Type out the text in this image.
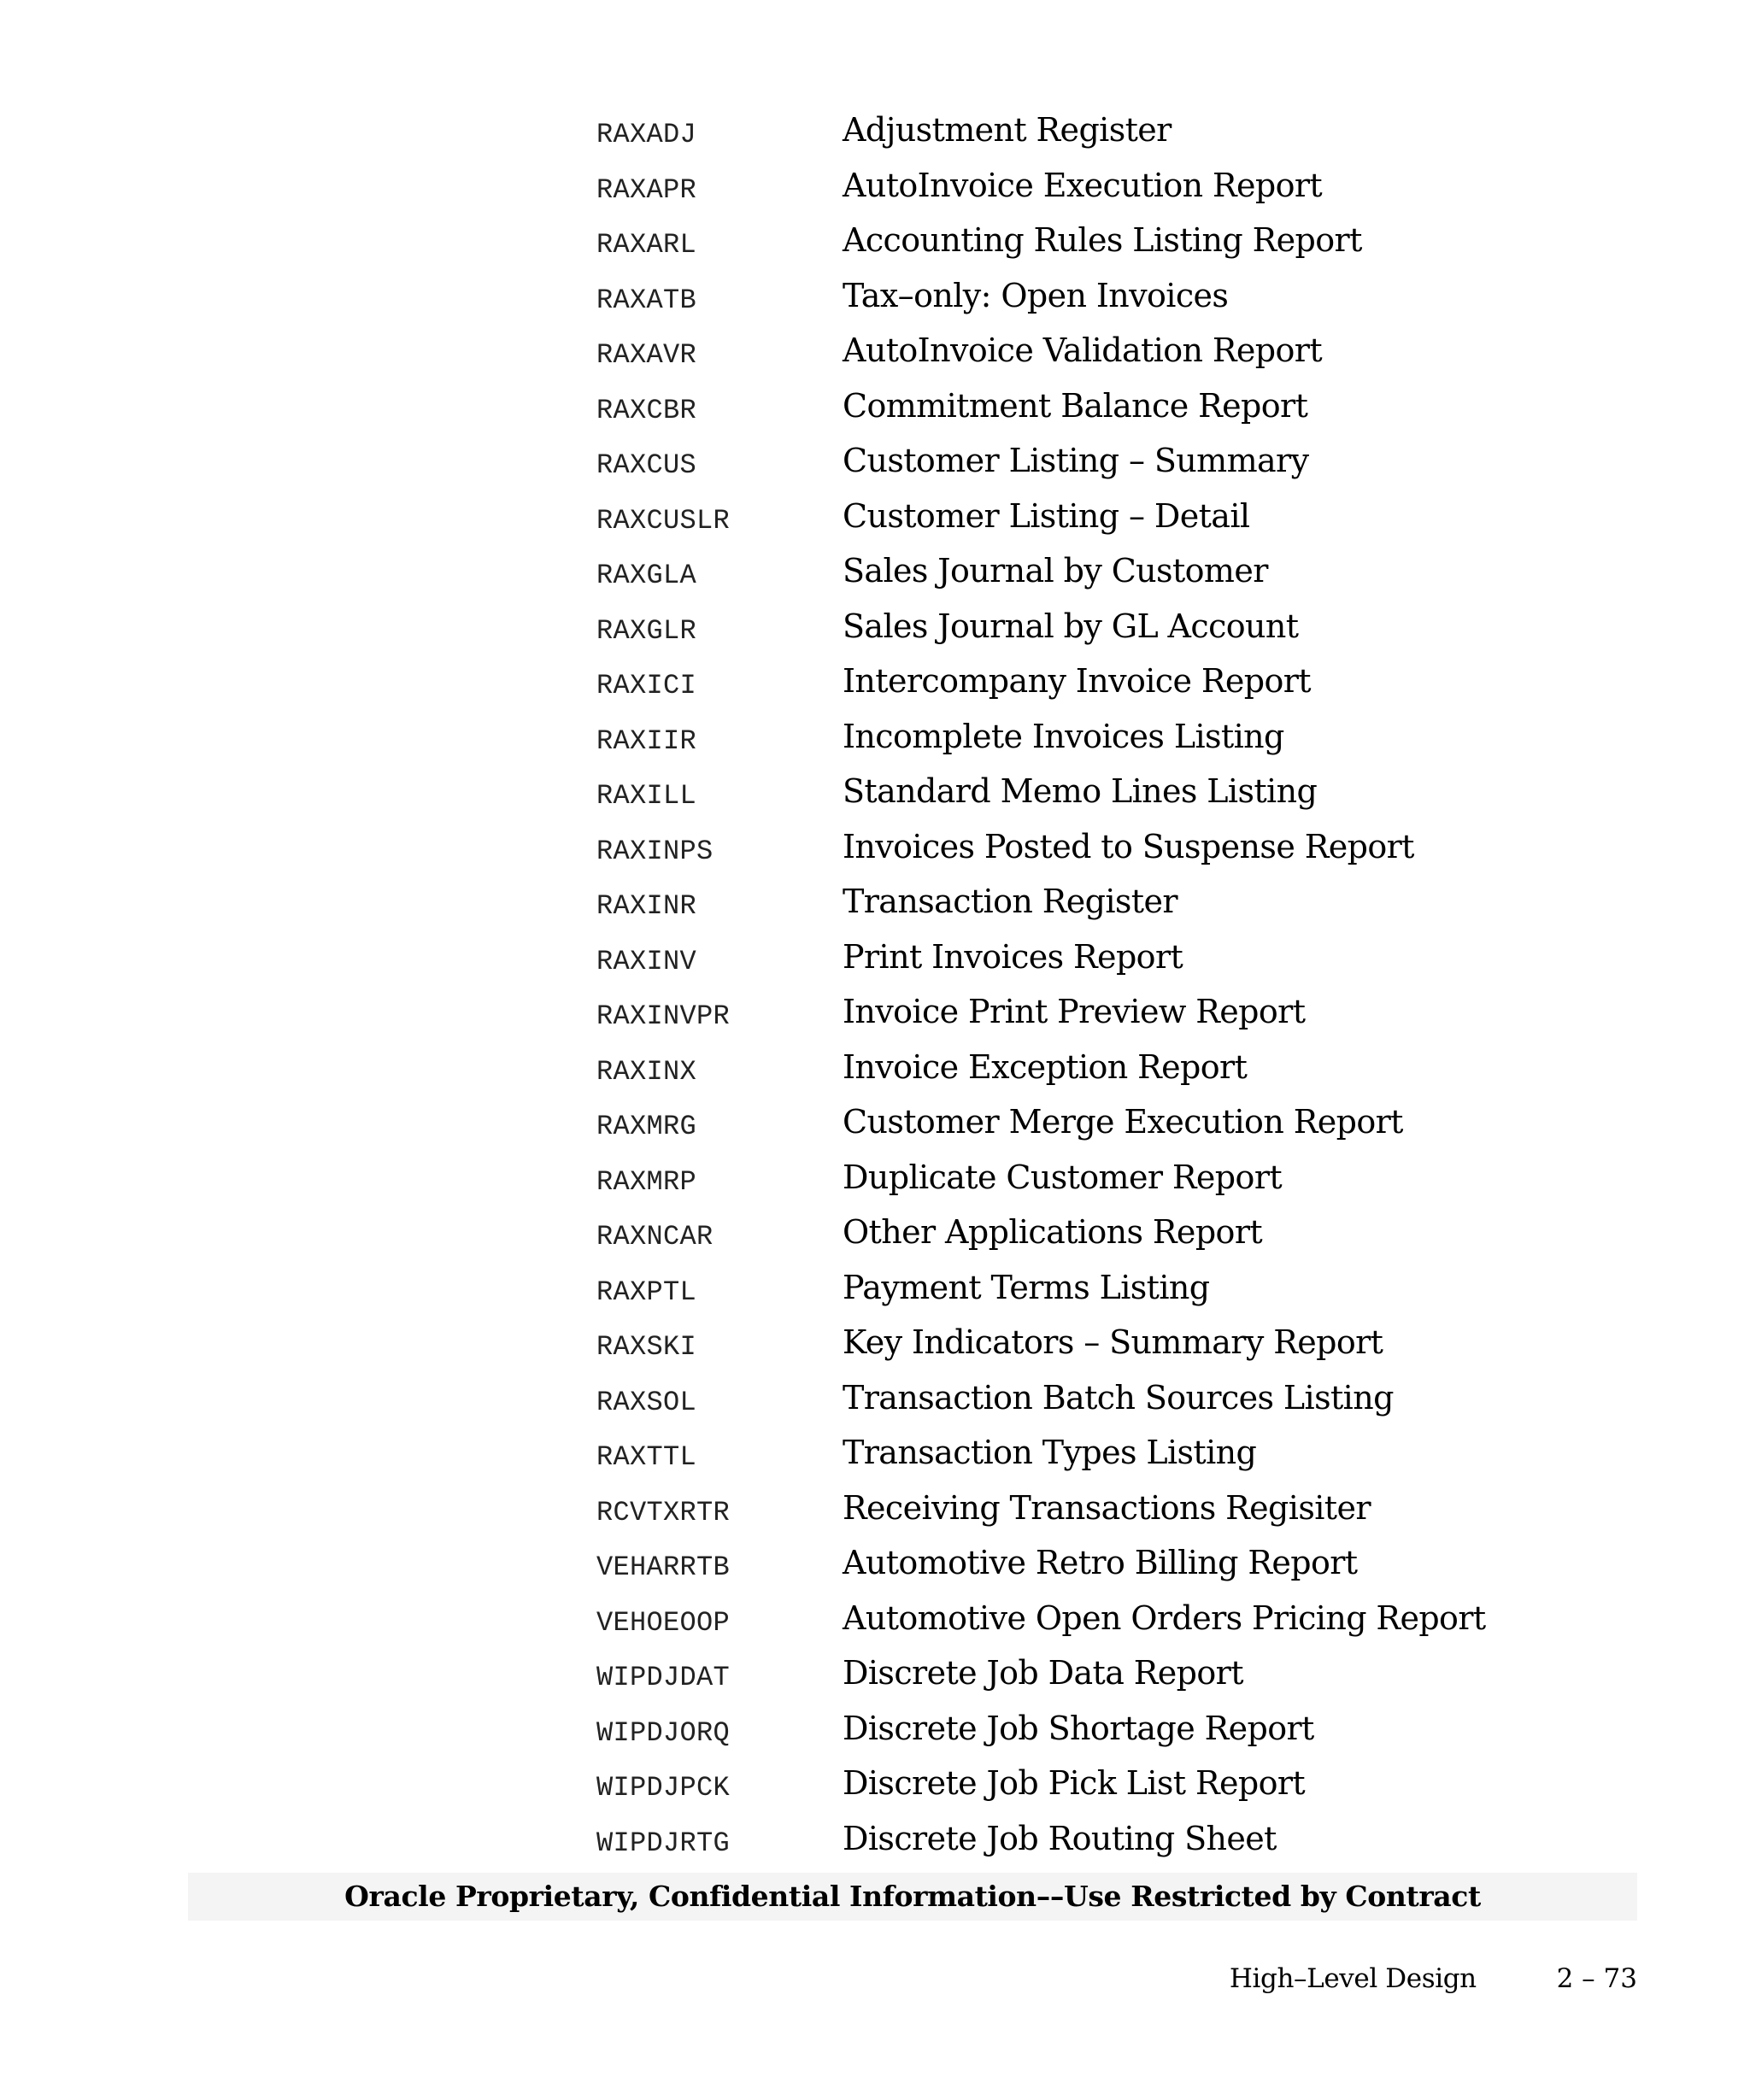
RAXADJ	Adjustment Register
RAXAPR	AutoInvoice Execution Report
RAXARL	Accounting Rules Listing Report
RAXATB	Tax–only: Open Invoices
RAXAVR	AutoInvoice Validation Report
RAXCBR	Commitment Balance Report
RAXCUS	Customer Listing – Summary
RAXCUSLR	Customer Listing – Detail
RAXGLA	Sales Journal by Customer
RAXGLR	Sales Journal by GL Account
RAXICI	Intercompany Invoice Report
RAXIIR	Incomplete Invoices Listing
RAXILL	Standard Memo Lines Listing
RAXINPS	Invoices Posted to Suspense Report
RAXINR	Transaction Register
RAXINV	Print Invoices Report
RAXINVPR	Invoice Print Preview Report
RAXINX	Invoice Exception Report
RAXMRG	Customer Merge Execution Report
RAXMRP	Duplicate Customer Report
RAXNCAR	Other Applications Report
RAXPTL	Payment Terms Listing
RAXSKI	Key Indicators – Summary Report
RAXSOL	Transaction Batch Sources Listing
RAXTTL	Transaction Types Listing
RCVTXRTR	Receiving Transactions Regisiter
VEHARRTB	Automotive Retro Billing Report
VEHOEOOP	Automotive Open Orders Pricing Report
WIPDJDAT	Discrete Job Data Report
WIPDJORQ	Discrete Job Shortage Report
WIPDJPCK	Discrete Job Pick List Report
WIPDJRTG	Discrete Job Routing Sheet
Oracle Proprietary, Confidential Information––Use Restricted by Contract
High–Level Design	2 – 73
